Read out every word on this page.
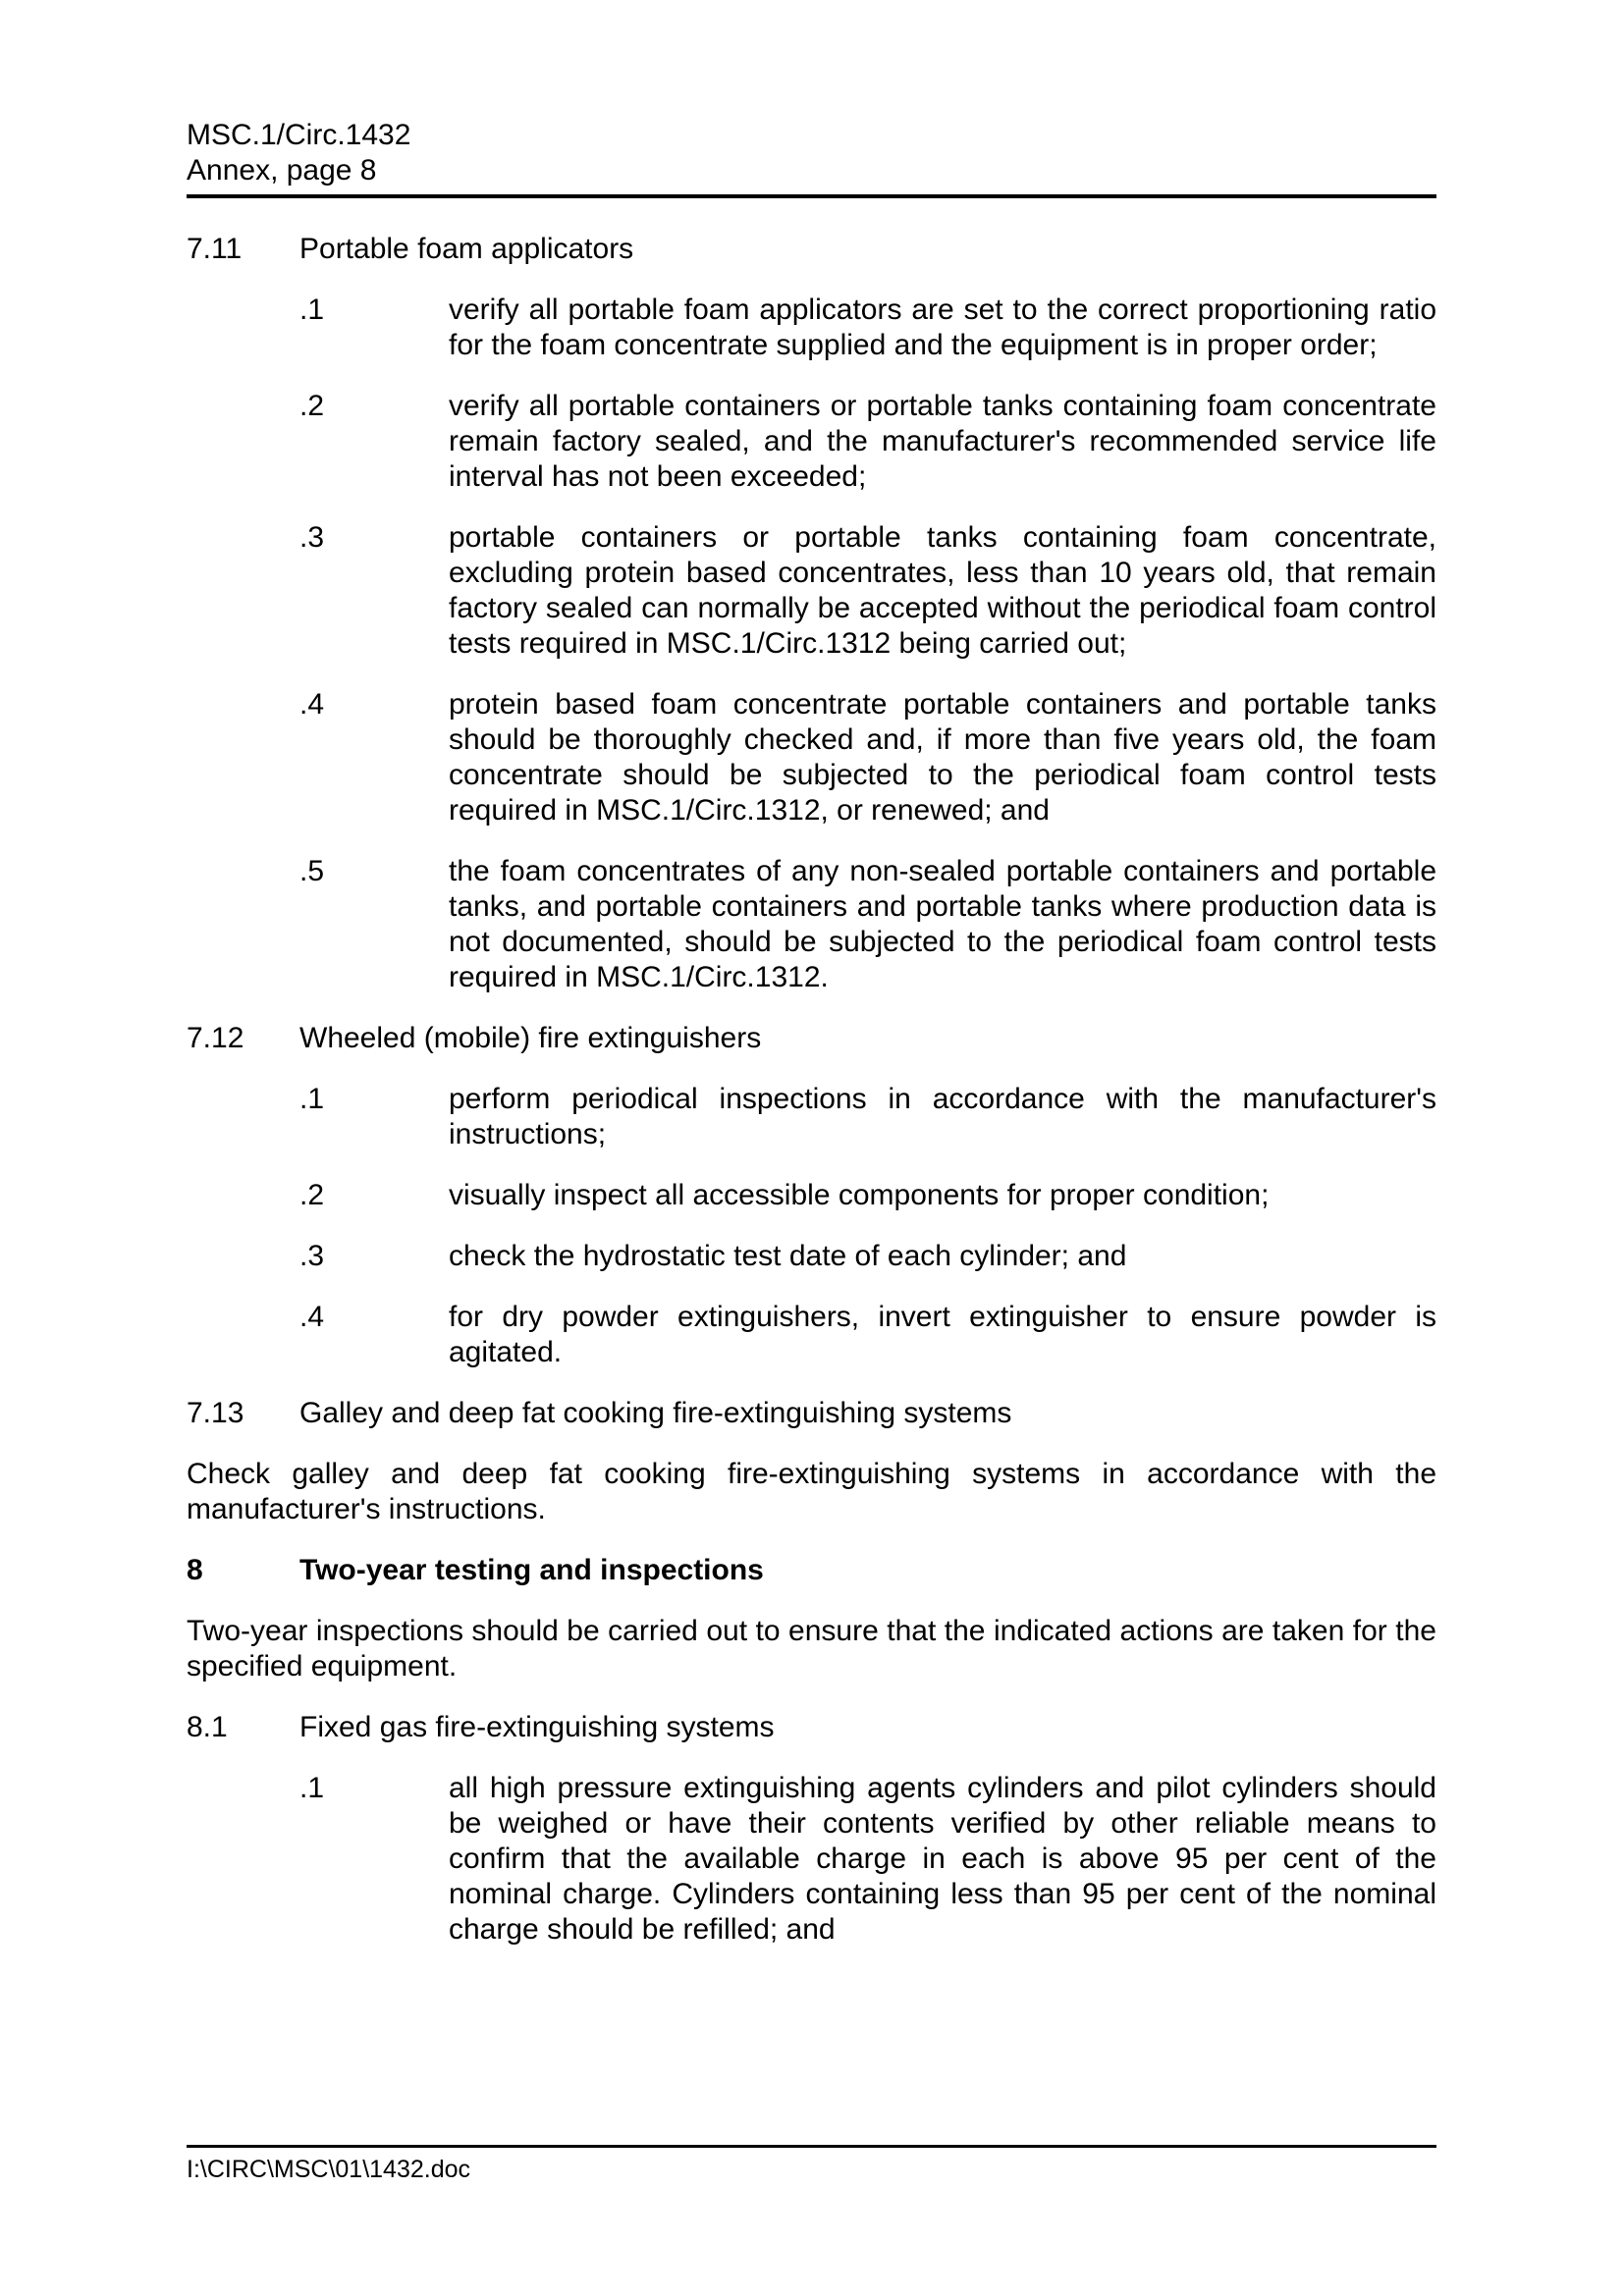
MSC.1/Circ.1432
Annex, page 8
7.11	Portable foam applicators
.1	verify all portable foam applicators are set to the correct proportioning ratio for the foam concentrate supplied and the equipment is in proper order;
.2	verify all portable containers or portable tanks containing foam concentrate remain factory sealed, and the manufacturer's recommended service life interval has not been exceeded;
.3	portable containers or portable tanks containing foam concentrate, excluding protein based concentrates, less than 10 years old, that remain factory sealed can normally be accepted without the periodical foam control tests required in MSC.1/Circ.1312 being carried out;
.4	protein based foam concentrate portable containers and portable tanks should be thoroughly checked and, if more than five years old, the foam concentrate should be subjected to the periodical foam control tests required in MSC.1/Circ.1312, or renewed; and
.5	the foam concentrates of any non-sealed portable containers and portable tanks, and portable containers and portable tanks where production data is not documented, should be subjected to the periodical foam control tests required in MSC.1/Circ.1312.
7.12	Wheeled (mobile) fire extinguishers
.1	perform periodical inspections in accordance with the manufacturer's instructions;
.2	visually inspect all accessible components for proper condition;
.3	check the hydrostatic test date of each cylinder; and
.4	for dry powder extinguishers, invert extinguisher to ensure powder is agitated.
7.13	Galley and deep fat cooking fire-extinguishing systems
Check galley and deep fat cooking fire-extinguishing systems in accordance with the manufacturer's instructions.
8	Two-year testing and inspections
Two-year inspections should be carried out to ensure that the indicated actions are taken for the specified equipment.
8.1	Fixed gas fire-extinguishing systems
.1	all high pressure extinguishing agents cylinders and pilot cylinders should be weighed or have their contents verified by other reliable means to confirm that the available charge in each is above 95 per cent of the nominal charge. Cylinders containing less than 95 per cent of the nominal charge should be refilled; and
I:\CIRC\MSC\01\1432.doc
